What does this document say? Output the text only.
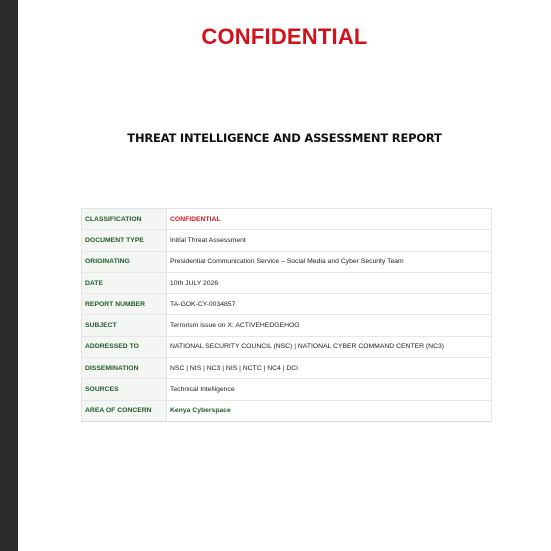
CONFIDENTIAL
THREAT INTELLIGENCE AND ASSESSMENT REPORT
CLASSIFICATION	CONFIDENTIAL
DOCUMENT TYPE	Initial Threat Assessment
ORIGINATING	Presidential Communication Service – Social Media and Cyber Security Team
DATE	10th JULY 2026
REPORT NUMBER	TA-GOK-CY-0034857
SUBJECT	Terrorism issue on X: ACTIVEHEDGEHOG
ADDRESSED TO	NATIONAL SECURITY COUNCIL (NSC) | NATIONAL CYBER COMMAND CENTER (NC3)
DISSEMINATION	NSC | NIS | NC3 | NIS | NCTC | NC4 | DCI
SOURCES	Technical Intelligence
AREA OF CONCERN	Kenya Cyberspace
